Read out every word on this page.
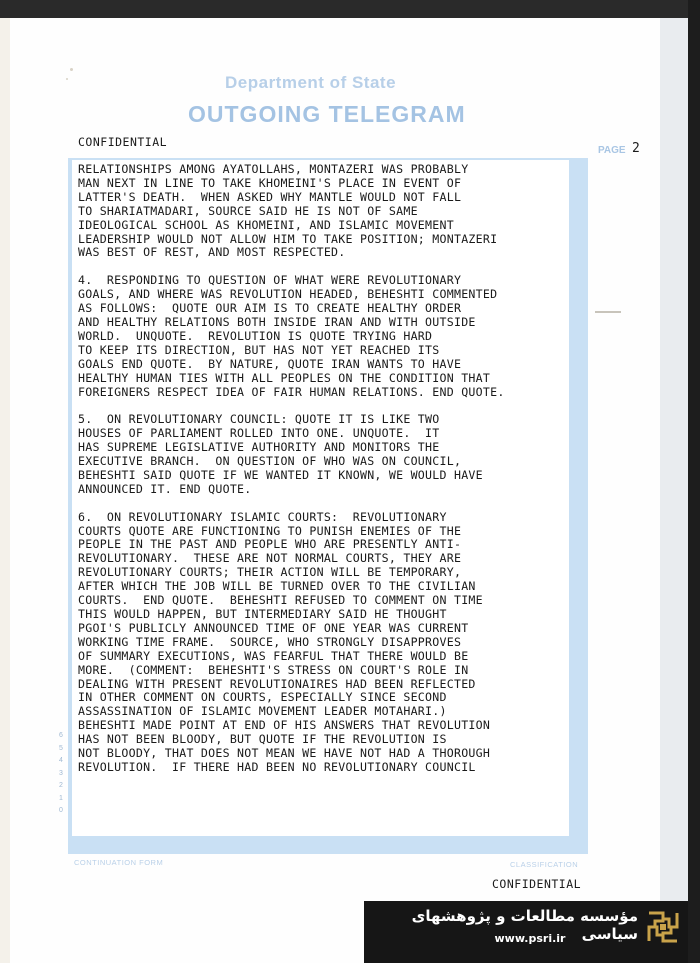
Department of State
OUTGOING TELEGRAM
CONFIDENTIAL
PAGE 2
RELATIONSHIPS AMONG AYATOLLAHS, MONTAZERI WAS PROBABLY
MAN NEXT IN LINE TO TAKE KHOMEINI'S PLACE IN EVENT OF
LATTER'S DEATH.  WHEN ASKED WHY MANTLE WOULD NOT FALL
TO SHARIATMADARI, SOURCE SAID HE IS NOT OF SAME
IDEOLOGICAL SCHOOL AS KHOMEINI, AND ISLAMIC MOVEMENT
LEADERSHIP WOULD NOT ALLOW HIM TO TAKE POSITION; MONTAZERI
WAS BEST OF REST, AND MOST RESPECTED.

4.  RESPONDING TO QUESTION OF WHAT WERE REVOLUTIONARY
GOALS, AND WHERE WAS REVOLUTION HEADED, BEHESHTI COMMENTED
AS FOLLOWS:  QUOTE OUR AIM IS TO CREATE HEALTHY ORDER
AND HEALTHY RELATIONS BOTH INSIDE IRAN AND WITH OUTSIDE
WORLD.  UNQUOTE.  REVOLUTION IS QUOTE TRYING HARD
TO KEEP ITS DIRECTION, BUT HAS NOT YET REACHED ITS
GOALS END QUOTE.  BY NATURE, QUOTE IRAN WANTS TO HAVE
HEALTHY HUMAN TIES WITH ALL PEOPLES ON THE CONDITION THAT
FOREIGNERS RESPECT IDEA OF FAIR HUMAN RELATIONS. END QUOTE.

5.  ON REVOLUTIONARY COUNCIL: QUOTE IT IS LIKE TWO
HOUSES OF PARLIAMENT ROLLED INTO ONE. UNQUOTE.  IT
HAS SUPREME LEGISLATIVE AUTHORITY AND MONITORS THE
EXECUTIVE BRANCH.  ON QUESTION OF WHO WAS ON COUNCIL,
BEHESHTI SAID QUOTE IF WE WANTED IT KNOWN, WE WOULD HAVE
ANNOUNCED IT. END QUOTE.

6.  ON REVOLUTIONARY ISLAMIC COURTS:  REVOLUTIONARY
COURTS QUOTE ARE FUNCTIONING TO PUNISH ENEMIES OF THE
PEOPLE IN THE PAST AND PEOPLE WHO ARE PRESENTLY ANTI-
REVOLUTIONARY.  THESE ARE NOT NORMAL COURTS, THEY ARE
REVOLUTIONARY COURTS; THEIR ACTION WILL BE TEMPORARY,
AFTER WHICH THE JOB WILL BE TURNED OVER TO THE CIVILIAN
COURTS.  END QUOTE.  BEHESHTI REFUSED TO COMMENT ON TIME
THIS WOULD HAPPEN, BUT INTERMEDIARY SAID HE THOUGHT
PGOI'S PUBLICLY ANNOUNCED TIME OF ONE YEAR WAS CURRENT
WORKING TIME FRAME.  SOURCE, WHO STRONGLY DISAPPROVES
OF SUMMARY EXECUTIONS, WAS FEARFUL THAT THERE WOULD BE
MORE.  (COMMENT:  BEHESHTI'S STRESS ON COURT'S ROLE IN
DEALING WITH PRESENT REVOLUTIONAIRES HAD BEEN REFLECTED
IN OTHER COMMENT ON COURTS, ESPECIALLY SINCE SECOND
ASSASSINATION OF ISLAMIC MOVEMENT LEADER MOTAHARI.)
BEHESHTI MADE POINT AT END OF HIS ANSWERS THAT REVOLUTION
HAS NOT BEEN BLOODY, BUT QUOTE IF THE REVOLUTION IS
NOT BLOODY, THAT DOES NOT MEAN WE HAVE NOT HAD A THOROUGH
REVOLUTION.  IF THERE HAD BEEN NO REVOLUTIONARY COUNCIL
6
5
4
3
2
1
0
CONTINUATION FORM	CLASSIFICATION
CONFIDENTIAL
مؤسسه مطالعات و پژوهشهای سیاسی
www.psri.ir
